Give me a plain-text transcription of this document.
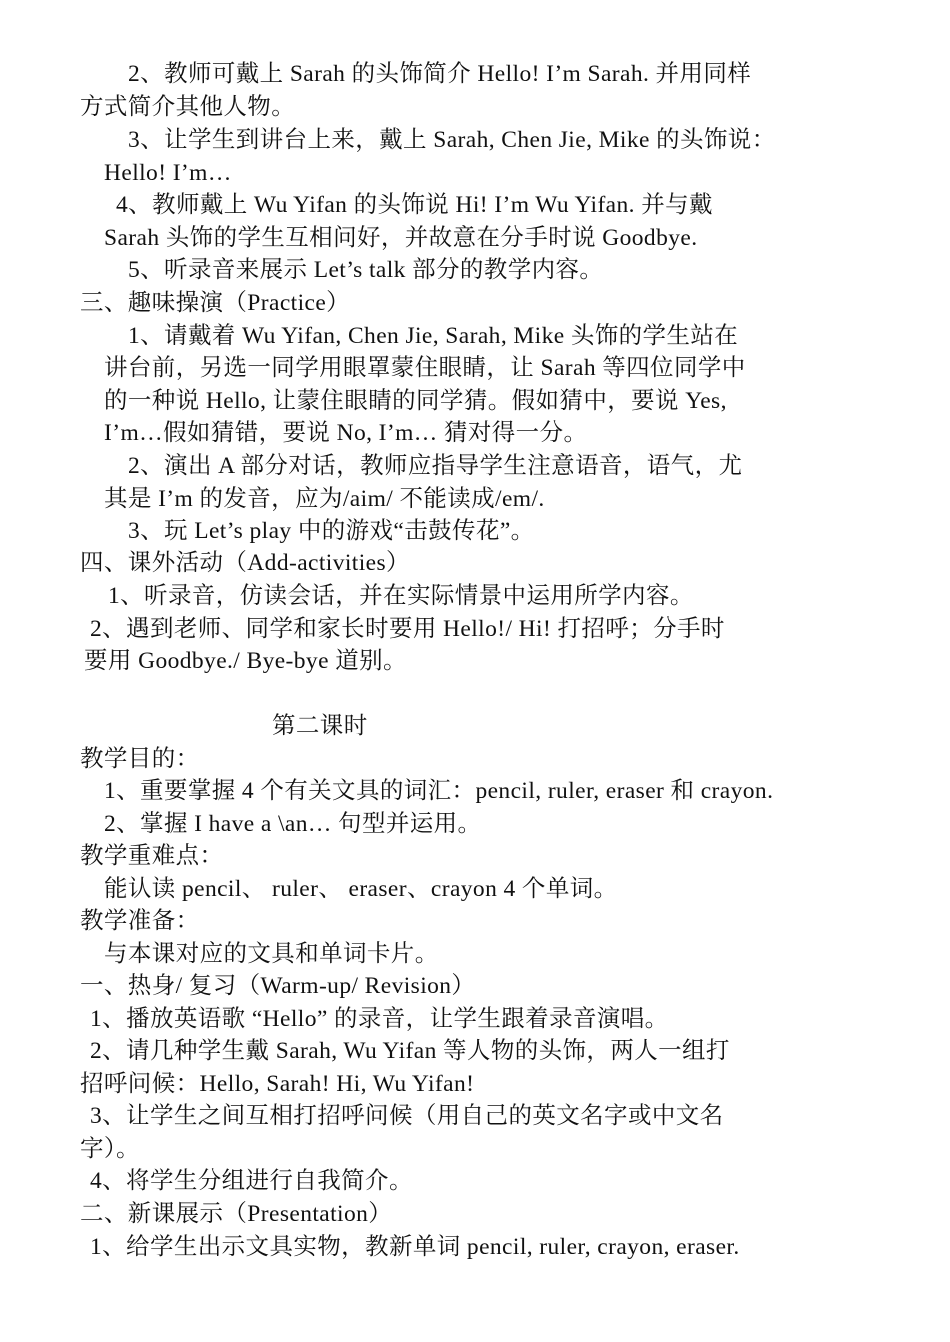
2、教师可戴上 Sarah 的头饰简介 Hello! I’m Sarah. 并用同样
方式简介其他人物。
3、让学生到讲台上来，戴上 Sarah, Chen Jie, Mike 的头饰说：
Hello! I’m…
4、教师戴上 Wu Yifan 的头饰说 Hi! I’m Wu Yifan. 并与戴
Sarah 头饰的学生互相问好，并故意在分手时说 Goodbye.
5、听录音来展示 Let’s talk 部分的教学内容。
三、趣味操演（Practice）
1、请戴着 Wu Yifan, Chen Jie, Sarah, Mike 头饰的学生站在
讲台前，另选一同学用眼罩蒙住眼睛，让 Sarah 等四位同学中
的一种说 Hello, 让蒙住眼睛的同学猜。假如猜中，要说 Yes,
I’m…假如猜错，要说 No, I’m… 猜对得一分。
2、演出 A 部分对话，教师应指导学生注意语音，语气，尤
其是 I’m 的发音，应为/aim/ 不能读成/em/.
3、玩 Let’s play 中的游戏“击鼓传花”。
四、课外活动（Add-activities）
1、听录音，仿读会话，并在实际情景中运用所学内容。
2、遇到老师、同学和家长时要用 Hello!/ Hi! 打招呼；分手时
要用 Goodbye./ Bye-bye 道别。
第二课时
教学目的：
1、重要掌握 4 个有关文具的词汇：pencil, ruler, eraser 和 crayon.
2、掌握 I have a \an… 句型并运用。
教学重难点：
能认读 pencil、 ruler、 eraser、crayon 4 个单词。
教学准备：
与本课对应的文具和单词卡片。
一、热身/ 复习（Warm-up/ Revision）
1、播放英语歌 “Hello” 的录音，让学生跟着录音演唱。
2、请几种学生戴 Sarah, Wu Yifan 等人物的头饰，两人一组打
招呼问候：Hello, Sarah! Hi, Wu Yifan!
3、让学生之间互相打招呼问候（用自己的英文名字或中文名
字）。
4、将学生分组进行自我简介。
二、新课展示（Presentation）
1、给学生出示文具实物，教新单词 pencil, ruler, crayon, eraser.
